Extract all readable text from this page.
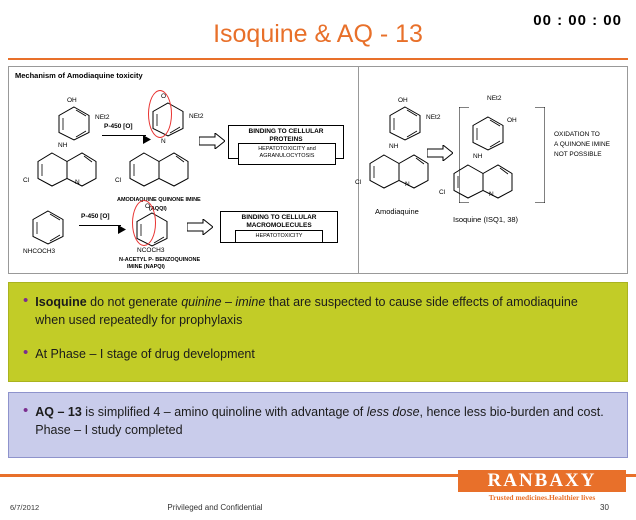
00 : 00 : 00
Isoquine & AQ - 13
Mechanism of Amodiaquine toxicity
OH
NEt2
NH
Cl	N
P-450 [O]
O
NEt2
N
Cl
AMODIAQUINE QUINONE IMINE
(AQQI)
BINDING TO CELLULAR PROTEINS
HEPATOTOXICITY and
AGRANULOCYTOSIS
NHCOCH3
P-450 [O]
O
NCOCH3
N-ACETYL P- BENZOQUINONE
IMINE (NAPQI)
BINDING TO CELLULAR MACROMOLECULES
HEPATOTOXICITY
OH
NEt2
NH
Cl	N
Amodiaquine
NEt2
OH
NH
Cl	N
Isoquine (ISQ1, 38)
OXIDATION TO
A QUINONE IMINE
NOT POSSIBLE
• Isoquine do not generate quinine – imine that are suspected to cause side effects of amodiaquine when used repeatedly for prophylaxis
• At Phase – I stage of drug development
• AQ – 13 is simplified 4 – amino quinoline with advantage of less dose, hence less bio-burden and cost. Phase – I study completed
RANBAXY
Trusted medicines.Healthier lives
6/7/2012	Privileged and Confidential	30
